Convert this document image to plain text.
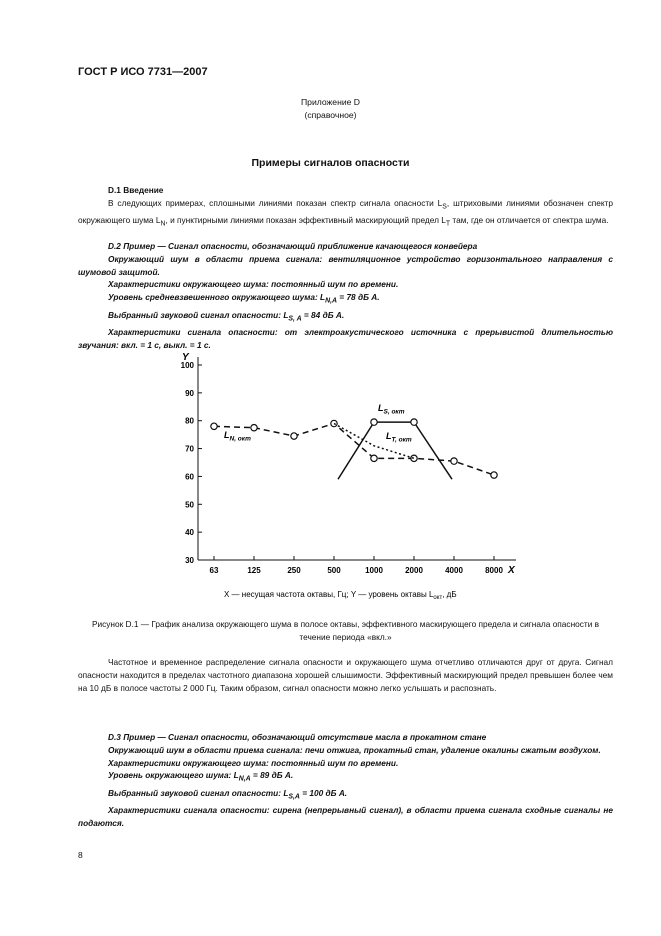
ГОСТ Р ИСО 7731—2007
Приложение D
(справочное)
Примеры сигналов опасности
D.1 Введение
В следующих примерах, сплошными линиями показан спектр сигнала опасности $L_S$, штриховыми линиями обозначен спектр окружающего шума $L_N$, и пунктирными линиями показан эффективный маскирующий предел $L_T$ там, где он отличается от спектра шума.
D.2 Пример — Сигнал опасности, обозначающий приближение качающегося конвейера
Окружающий шум в области приема сигнала: вентиляционное устройство горизонтального направления с шумовой защитой.
Характеристики окружающего шума: постоянный шум по времени.
Уровень средневзвешенного окружающего шума: $L_{N,A} = 78$ дБ А.
Выбранный звуковой сигнал опасности: $L_{S, A} = 84$ дБ А.
Характеристики сигнала опасности: от электроакустического источника с прерывистой длительностью звучания: вкл. = 1 с, выкл. = 1 с.
30
40
50
60
70
80
90
100
63	125	250	500	1000	2000	4000	8000
Y
X
$L_{N, окт}$
$L_{S, окт}$
$L_{T, окт}$
X — несущая частота октавы, Гц; Y — уровень октавы $L_{окт}$, дБ
Рисунок D.1 — График анализа окружающего шума в полосе октавы, эффективного маскирующего предела и сигнала опасности в течение периода «вкл.»
Частотное и временное распределение сигнала опасности и окружающего шума отчетливо отличаются друг от друга. Сигнал опасности находится в пределах частотного диапазона хорошей слышимости. Эффективный маскирующий предел превышен более чем на 10 дБ в полосе частоты 2 000 Гц. Таким образом, сигнал опасности можно легко услышать и распознать.
D.3 Пример — Сигнал опасности, обозначающий отсутствие масла в прокатном стане
Окружающий шум в области приема сигнала: печи отжига, прокатный стан, удаление окалины сжатым воздухом.
Характеристики окружающего шума: постоянный шум по времени.
Уровень окружающего шума: $L_{N,A} = 89$ дБ А.
Выбранный звуковой сигнал опасности: $L_{S,A} = 100$ дБ А.
Характеристики сигнала опасности: сирена (непрерывный сигнал), в области приема сигнала сходные сигналы не подаются.
8
